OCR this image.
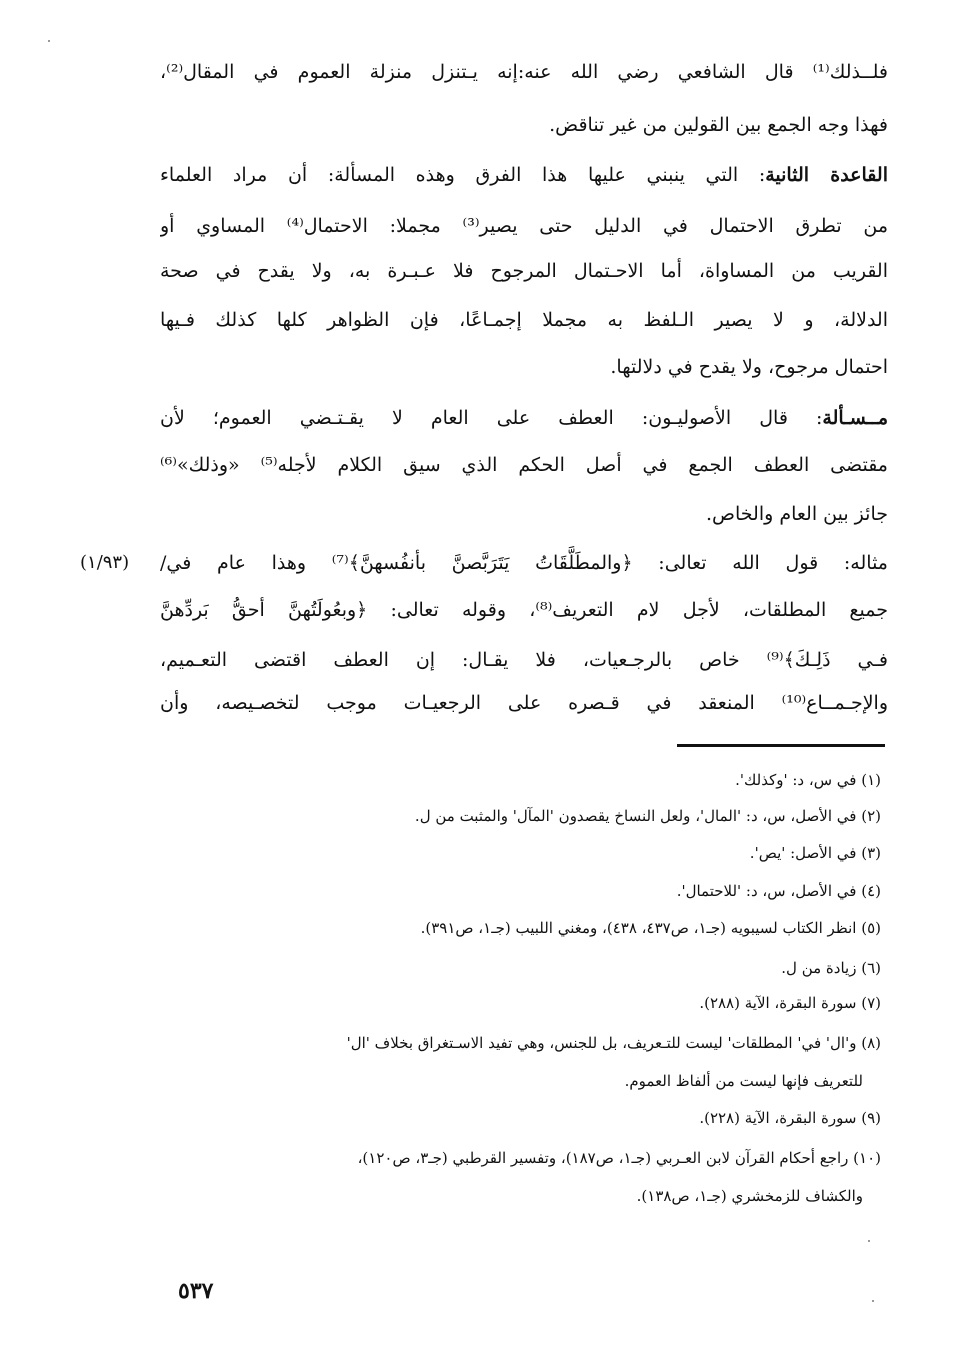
فلــذلك⁽¹⁾ قال الشافعي رضي الله عنه:إنه يـتنزل منزلة العموم في المقال⁽²⁾،
فهذا وجه الجمع بين القولين من غير تناقض.
القاعدة الثانية: التي ينبني عليها هذا الفرق وهذه المسألة: أن مراد العلماء
من تطرق الاحتمال في الدليل حتى يصير⁽³⁾ مجملا: الاحتمال⁽⁴⁾ المساوي أو
القريب من المساواة، أما الاحـتمال المرجوح فلا عـبـرة به، ولا يقدح في صحة
الدلالة، و لا يصير الـلفظ به مجملا إجمـاعًا، فإن الظواهر كلها كذلك فـيها
احتمال مرجوح، ولا يقدح في دلالتها.
مــسـألة: قال الأصوليـون: العطف على العام لا يقـتـضي العموم؛ لأن
مقتضى العطف الجمع في أصل الحكم الذي سيق الكلام لأجله⁽⁵⁾ «وذلك»⁽⁶⁾
جائز بين العام والخاص.
(١/٩٣) مثاله: قول الله تعالى: ﴿والمطَلَّقَاتُ يَتَرَبَّصنَّ بأنفُسهنَّ﴾⁽⁷⁾ وهذا عام في/
جميع المطلقات، لأجل لام التعريف⁽⁸⁾، وقوله تعالى: ﴿وبعُولَتُهنَّ أحقُّ بَردِّهنَّ
فـي ذَلِـكَ﴾⁽⁹⁾ خاص بالرجـعيات، فلا يقـال: إن العطف اقتضى التعـميم،
والإجـمــاع⁽¹⁰⁾ المنعقد في قـصره على الرجعيـات موجب لتخصـيصه، وأن
(١) في س، د: 'وكذلك'.
(٢) في الأصل، س، د: 'المال'، ولعل النساخ يقصدون 'المآل' والمثبت من ل.
(٣) في الأصل: 'يص'.
(٤) في الأصل، س، د: 'للاحتمال'.
(٥) انظر الكتاب لسيبويه (جـ١، ص٤٣٧، ٤٣٨)، ومغني اللبيب (جـ١، ص٣٩١).
(٦) زيادة من ل.
(٧) سورة البقرة، الآية (٢٨٨).
(٨) و'ال' في' المطلقات' ليست للتـعريف، بل للجنس، وهي تفيد الاسـتغراق بخلاف 'ال'
للتعريف فإنها ليست من ألفاظ العموم.
(٩) سورة البقرة، الآية (٢٢٨).
(١٠) راجع أحكام القرآن لابن العـربي (جـ١، ص١٨٧)، وتفسير القرطبي (جـ٣، ص١٢٠)،
والكشاف للزمخشري (جـ١، ص١٣٨).
٥٣٧
